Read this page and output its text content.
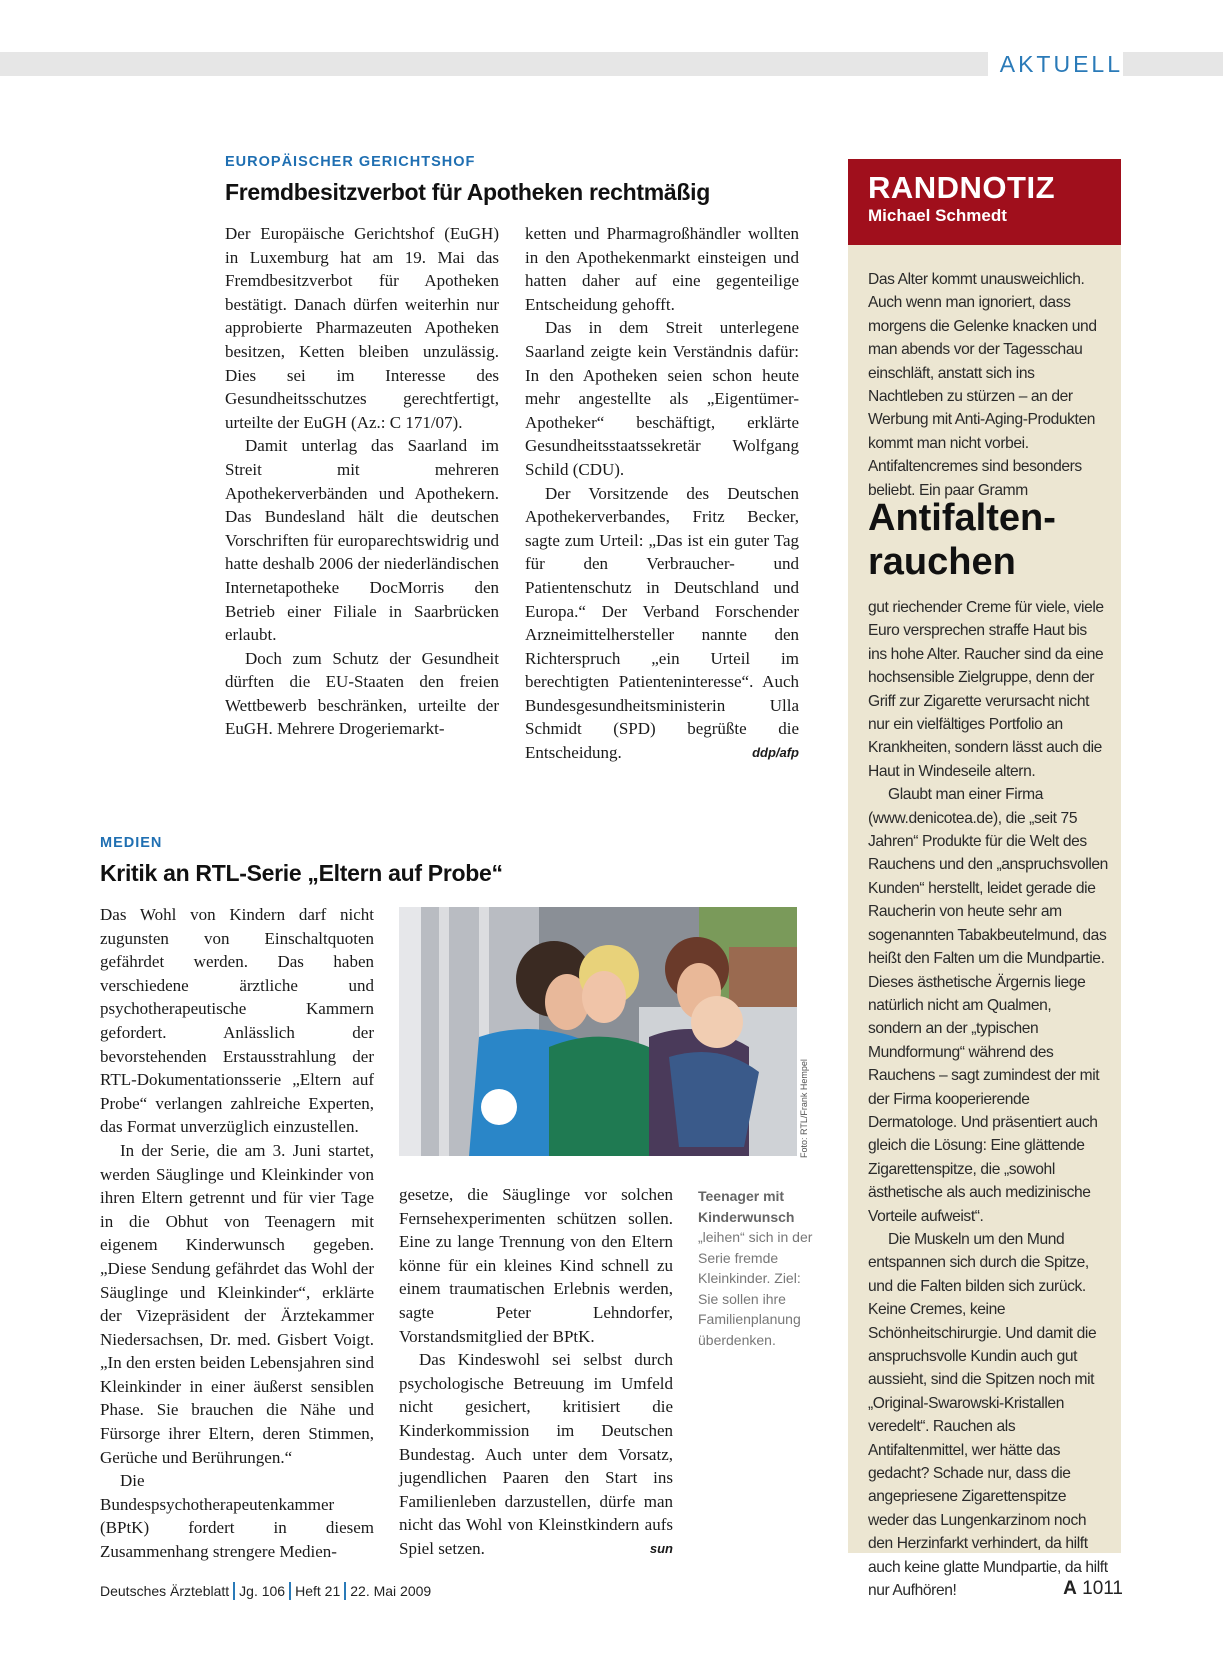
AKTUELL
EUROPÄISCHER GERICHTSHOF
Fremdbesitzverbot für Apotheken rechtmäßig

Der Europäische Gerichtshof (EuGH) in Luxemburg hat am 19. Mai das Fremdbesitzverbot für Apotheken bestätigt. Danach dürfen weiterhin nur approbierte Pharmazeuten Apotheken besitzen, Ketten bleiben unzulässig. Dies sei im Interesse des Gesundheitsschutzes gerechtfertigt, urteilte der EuGH (Az.: C 171/07).

Damit unterlag das Saarland im Streit mit mehreren Apothekerverbänden und Apothekern. Das Bundesland hält die deutschen Vorschriften für europarechtswidrig und hatte deshalb 2006 der niederländischen Internetapotheke DocMorris den Betrieb einer Filiale in Saarbrücken erlaubt.

Doch zum Schutz der Gesundheit dürften die EU-Staaten den freien Wettbewerb beschränken, urteilte der EuGH. Mehrere Drogeriemarkt-

ketten und Pharmagroßhändler wollten in den Apothekenmarkt einsteigen und hatten daher auf eine gegenteilige Entscheidung gehofft.

Das in dem Streit unterlegene Saarland zeigte kein Verständnis dafür: In den Apotheken seien schon heute mehr angestellte als „Eigentümer-Apotheker“ beschäftigt, erklärte Gesundheitsstaatssekretär Wolfgang Schild (CDU).

Der Vorsitzende des Deutschen Apothekerverbandes, Fritz Becker, sagte zum Urteil: „Das ist ein guter Tag für den Verbraucher- und Patientenschutz in Deutschland und Europa.“ Der Verband Forschender Arzneimittelhersteller nannte den Richterspruch „ein Urteil im berechtigten Patienteninteresse“. Auch Bundesgesundheitsministerin Ulla Schmidt (SPD) begrüßte die Entscheidung.	ddp/afp

MEDIEN
Kritik an RTL-Serie „Eltern auf Probe“

Das Wohl von Kindern darf nicht zugunsten von Einschaltquoten gefährdet werden. Das haben verschiedene ärztliche und psychotherapeutische Kammern gefordert. Anlässlich der bevorstehenden Erstausstrahlung der RTL-Dokumentationsserie „Eltern auf Probe“ verlangen zahlreiche Experten, das Format unverzüglich einzustellen.

In der Serie, die am 3. Juni startet, werden Säuglinge und Kleinkinder von ihren Eltern getrennt und für vier Tage in die Obhut von Teenagern mit eigenem Kinderwunsch gegeben. „Diese Sendung gefährdet das Wohl der Säuglinge und Kleinkinder“, erklärte der Vizepräsident der Ärztekammer Niedersachsen, Dr. med. Gisbert Voigt. „In den ersten beiden Lebensjahren sind Kleinkinder in einer äußerst sensiblen Phase. Sie brauchen die Nähe und Fürsorge ihrer Eltern, deren Stimmen, Gerüche und Berührungen.“

Die Bundespsychotherapeutenkammer (BPtK) fordert in diesem Zusammenhang strengere Medien-

Foto: RTL/Frank Hempel

gesetze, die Säuglinge vor solchen Fernsehexperimenten schützen sollen. Eine zu lange Trennung von den Eltern könne für ein kleines Kind schnell zu einem traumatischen Erlebnis werden, sagte Peter Lehndorfer, Vorstandsmitglied der BPtK.

Das Kindeswohl sei selbst durch psychologische Betreuung im Umfeld nicht gesichert, kritisiert die Kinderkommission im Deutschen Bundestag. Auch unter dem Vorsatz, jugendlichen Paaren den Start ins Familienleben darzustellen, dürfe man nicht das Wohl von Kleinstkindern aufs Spiel setzen.	sun

Teenager mit Kinderwunsch
„leihen“ sich in der Serie fremde Kleinkinder. Ziel: Sie sollen ihre Familienplanung überdenken.
RANDNOTIZ
Michael Schmedt

Das Alter kommt unausweichlich. Auch wenn man ignoriert, dass morgens die Gelenke knacken und man abends vor der Tagesschau einschläft, anstatt sich ins Nachtleben zu stürzen – an der Werbung mit Anti-Aging-Produkten kommt man nicht vorbei. Antifaltencremes sind besonders beliebt. Ein paar Gramm

Antifalten-
rauchen

gut riechender Creme für viele, viele Euro versprechen straffe Haut bis ins hohe Alter. Raucher sind da eine hochsensible Zielgruppe, denn der Griff zur Zigarette verursacht nicht nur ein vielfältiges Portfolio an Krankheiten, sondern lässt auch die Haut in Windeseile altern.

Glaubt man einer Firma (www.denicotea.de), die „seit 75 Jahren“ Produkte für die Welt des Rauchens und den „anspruchsvollen Kunden“ herstellt, leidet gerade die Raucherin von heute sehr am sogenannten Tabakbeutelmund, das heißt den Falten um die Mundpartie. Dieses ästhetische Ärgernis liege natürlich nicht am Qualmen, sondern an der „typischen Mundformung“ während des Rauchens – sagt zumindest der mit der Firma kooperierende Dermatologe. Und präsentiert auch gleich die Lösung: Eine glättende Zigarettenspitze, die „sowohl ästhetische als auch medizinische Vorteile aufweist“.

Die Muskeln um den Mund entspannen sich durch die Spitze, und die Falten bilden sich zurück. Keine Cremes, keine Schönheitschirurgie. Und damit die anspruchsvolle Kundin auch gut aussieht, sind die Spitzen noch mit „Original-Swarowski-Kristallen veredelt“. Rauchen als Antifaltenmittel, wer hätte das gedacht? Schade nur, dass die angepriesene Zigarettenspitze weder das Lungenkarzinom noch den Herzinfarkt verhindert, da hilft auch keine glatte Mundpartie, da hilft nur Aufhören!

Deutsches Ärzteblatt Jg. 106 Heft 21 22. Mai 2009	A 1011
